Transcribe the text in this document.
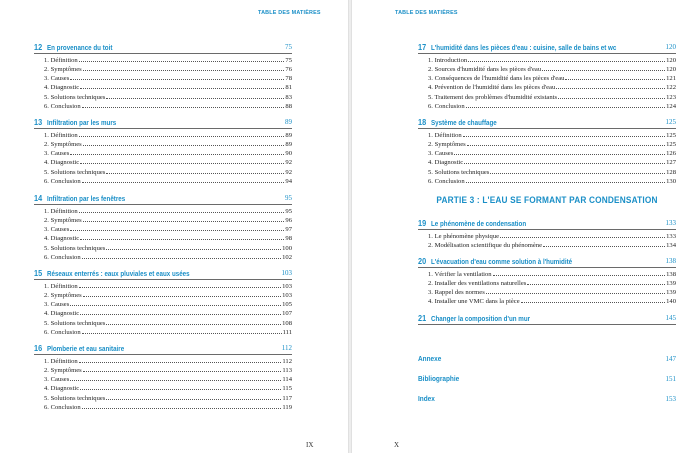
TABLE DES MATIÈRES
12 En provenance du toit	75
1. Définition	75
2. Symptômes	76
3. Causes	78
4. Diagnostic	81
5. Solutions techniques	83
6. Conclusion	88
13 Infiltration par les murs	89
1. Définition	89
2. Symptômes	89
3. Causes	90
4. Diagnostic	92
5. Solutions techniques	92
6. Conclusion	94
14 Infiltration par les fenêtres	95
1. Définition	95
2. Symptômes	96
3. Causes	97
4. Diagnostic	98
5. Solutions techniques	100
6. Conclusion	102
15 Réseaux enterrés : eaux pluviales et eaux usées	103
1. Définition	103
2. Symptômes	103
3. Causes	105
4. Diagnostic	107
5. Solutions techniques	108
6. Conclusion	111
16 Plomberie et eau sanitaire	112
1. Définition	112
2. Symptômes	113
3. Causes	114
4. Diagnostic	115
5. Solutions techniques	117
6. Conclusion	119
IX
TABLE DES MATIÈRES
17 L'humidité dans les pièces d'eau : cuisine, salle de bains et wc	120
1. Introduction	120
2. Sources d'humidité dans les pièces d'eau	120
3. Conséquences de l'humidité dans les pièces d'eau	121
4. Prévention de l'humidité dans les pièces d'eau	122
5. Traitement des problèmes d'humidité existants	123
6. Conclusion	124
18 Système de chauffage	125
1. Définition	125
2. Symptômes	125
3. Causes	126
4. Diagnostic	127
5. Solutions techniques	128
6. Conclusion	130
PARTIE 3 : L'EAU SE FORMANT PAR CONDENSATION
19 Le phénomène de condensation	133
1. Le phénomène physique	133
2. Modélisation scientifique du phénomène	134
20 L'évacuation d'eau comme solution à l'humidité	138
1. Vérifier la ventilation	138
2. Installer des ventilations naturelles	139
3. Rappel des normes	139
4. Installer une VMC dans la pièce	140
21 Changer la composition d'un mur	145
Annexe	147
Bibliographie	151
Index	153
X
